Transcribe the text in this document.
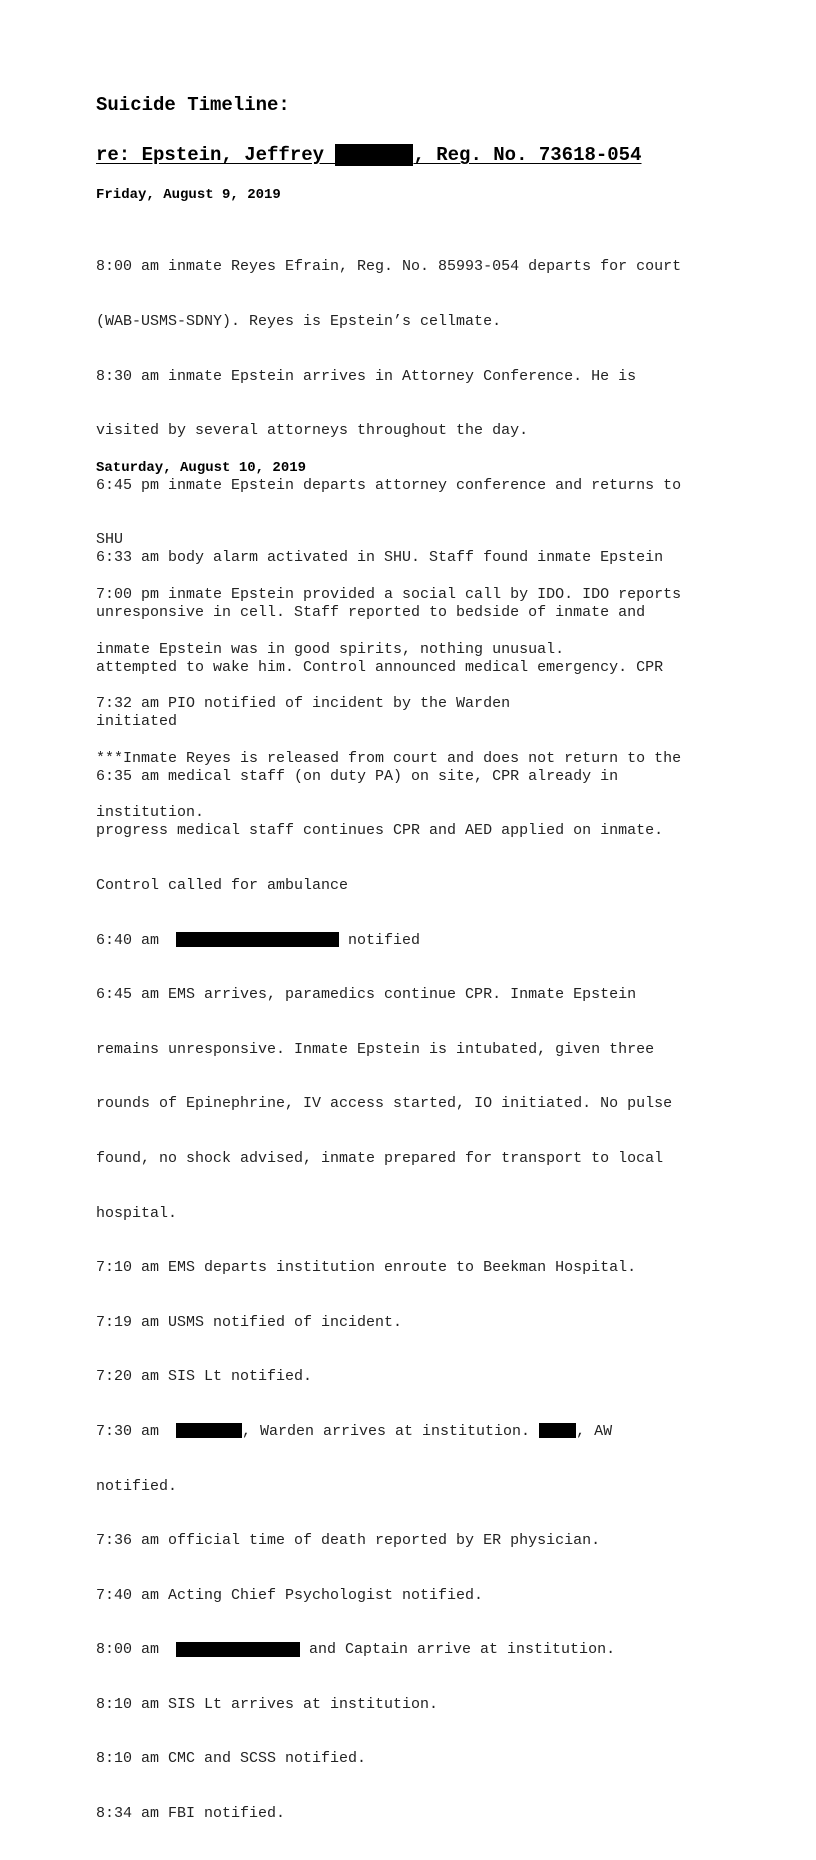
Suicide Timeline:
re: Epstein, Jeffrey	, Reg. No. 73618-054
Friday, August 9, 2019

8:00 am inmate Reyes Efrain, Reg. No. 85993-054 departs for court

(WAB-USMS-SDNY). Reyes is Epstein’s cellmate.

8:30 am inmate Epstein arrives in Attorney Conference. He is

visited by several attorneys throughout the day.

6:45 pm inmate Epstein departs attorney conference and returns to

SHU

7:00 pm inmate Epstein provided a social call by IDO. IDO reports

inmate Epstein was in good spirits, nothing unusual.

7:32 am PIO notified of incident by the Warden

***Inmate Reyes is released from court and does not return to the

institution.

Saturday, August 10, 2019

6:33 am body alarm activated in SHU. Staff found inmate Epstein

unresponsive in cell. Staff reported to bedside of inmate and

attempted to wake him. Control announced medical emergency. CPR

initiated

6:35 am medical staff (on duty PA) on site, CPR already in

progress medical staff continues CPR and AED applied on inmate.

Control called for ambulance

6:40 am	notified

6:45 am EMS arrives, paramedics continue CPR. Inmate Epstein

remains unresponsive. Inmate Epstein is intubated, given three

rounds of Epinephrine, IV access started, IO initiated. No pulse

found, no shock advised, inmate prepared for transport to local

hospital.

7:10 am EMS departs institution enroute to Beekman Hospital.

7:19 am USMS notified of incident.

7:20 am SIS Lt notified.

7:30 am	, Warden arrives at institution. , AW

notified.

7:36 am official time of death reported by ER physician.

7:40 am Acting Chief Psychologist notified.

8:00 am	and Captain arrive at institution.

8:10 am SIS Lt arrives at institution.

8:10 am CMC and SCSS notified.

8:34 am FBI notified.
